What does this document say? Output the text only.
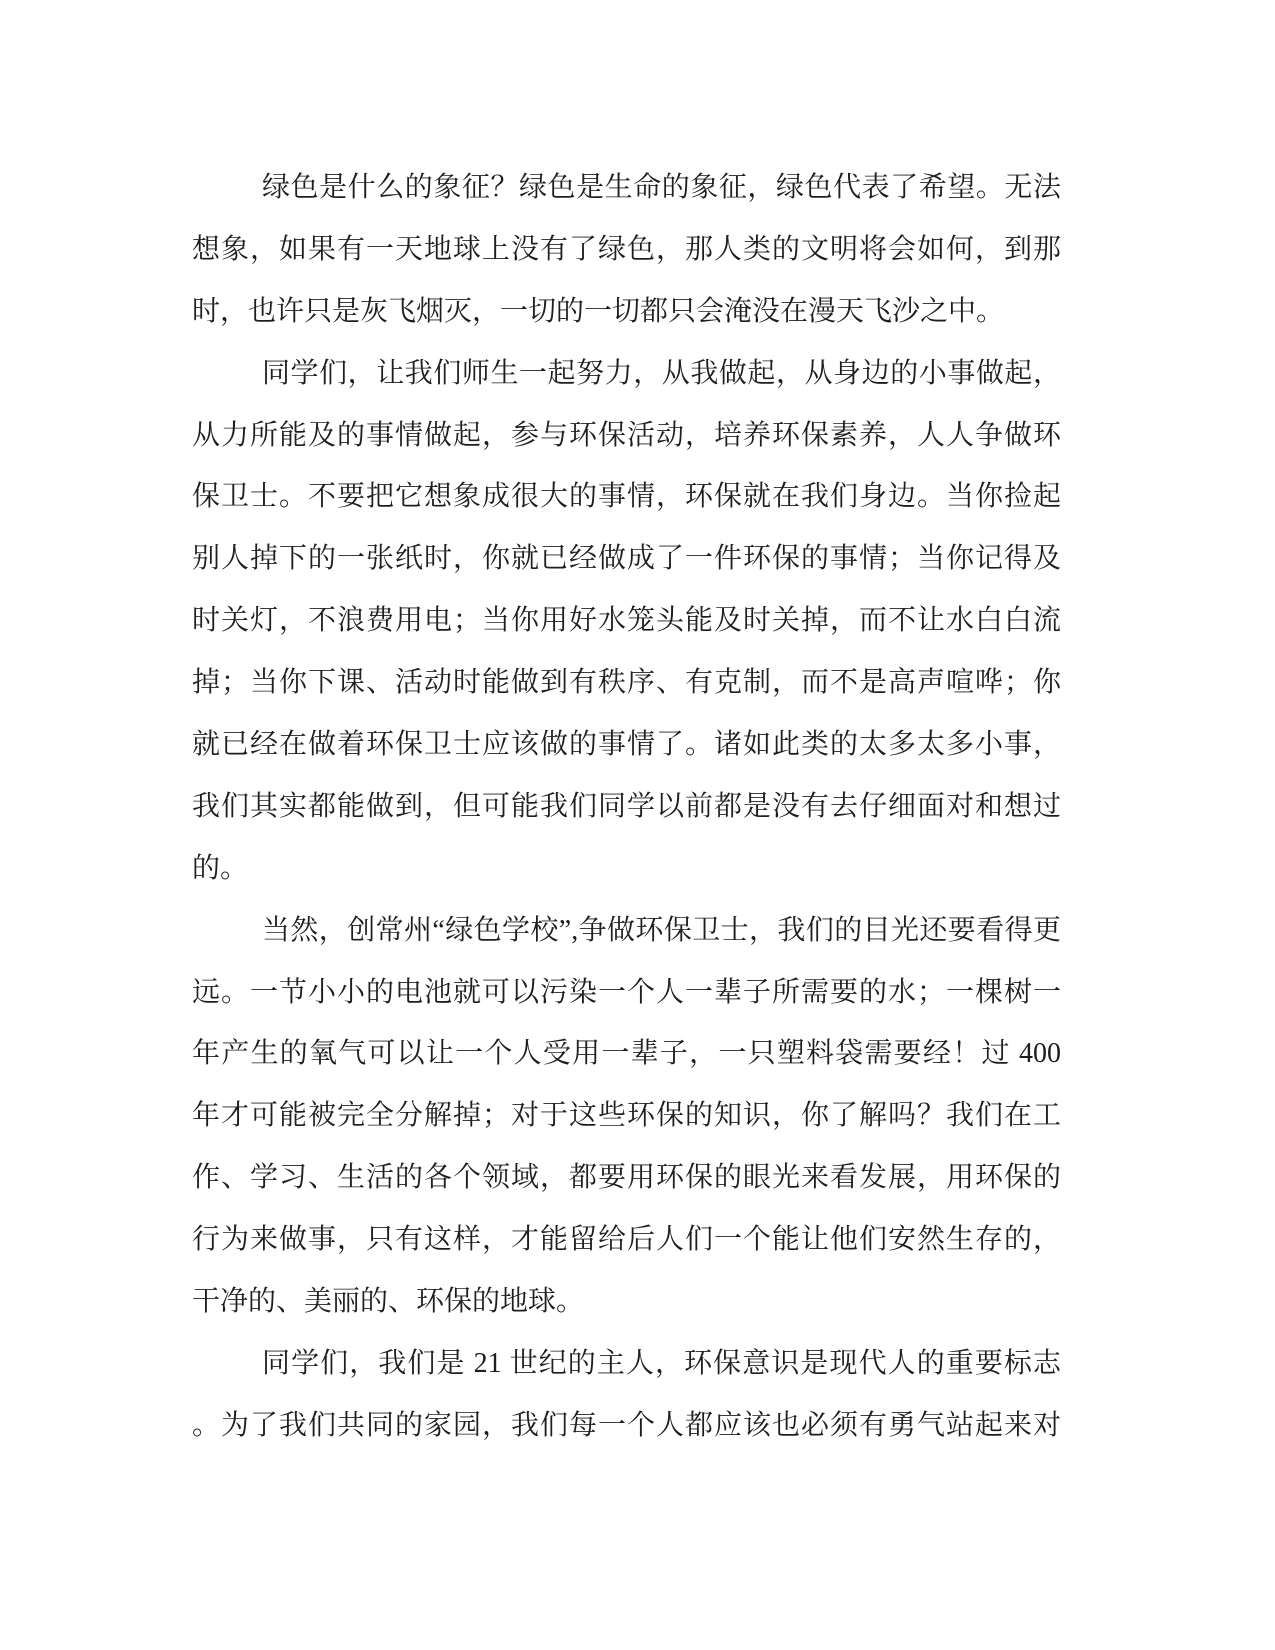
绿色是什么的象征？绿色是生命的象征，绿色代表了希望。无法
想象，如果有一天地球上没有了绿色，那人类的文明将会如何，到那
时，也许只是灰飞烟灭，一切的一切都只会淹没在漫天飞沙之中。
同学们，让我们师生一起努力，从我做起，从身边的小事做起，
从力所能及的事情做起，参与环保活动，培养环保素养，人人争做环
保卫士。不要把它想象成很大的事情，环保就在我们身边。当你捡起
别人掉下的一张纸时，你就已经做成了一件环保的事情；当你记得及
时关灯，不浪费用电；当你用好水笼头能及时关掉，而不让水白白流
掉；当你下课、活动时能做到有秩序、有克制，而不是高声喧哗；你
就已经在做着环保卫士应该做的事情了。诸如此类的太多太多小事，
我们其实都能做到，但可能我们同学以前都是没有去仔细面对和想过
的。
当然，创常州“绿色学校”,争做环保卫士，我们的目光还要看得更
远。一节小小的电池就可以污染一个人一辈子所需要的水；一棵树一
年产生的氧气可以让一个人受用一辈子，一只塑料袋需要经！过 400
年才可能被完全分解掉；对于这些环保的知识，你了解吗？我们在工
作、学习、生活的各个领域，都要用环保的眼光来看发展，用环保的
行为来做事，只有这样，才能留给后人们一个能让他们安然生存的，
干净的、美丽的、环保的地球。
同学们，我们是 21 世纪的主人，环保意识是现代人的重要标志
。为了我们共同的家园，我们每一个人都应该也必须有勇气站起来对
